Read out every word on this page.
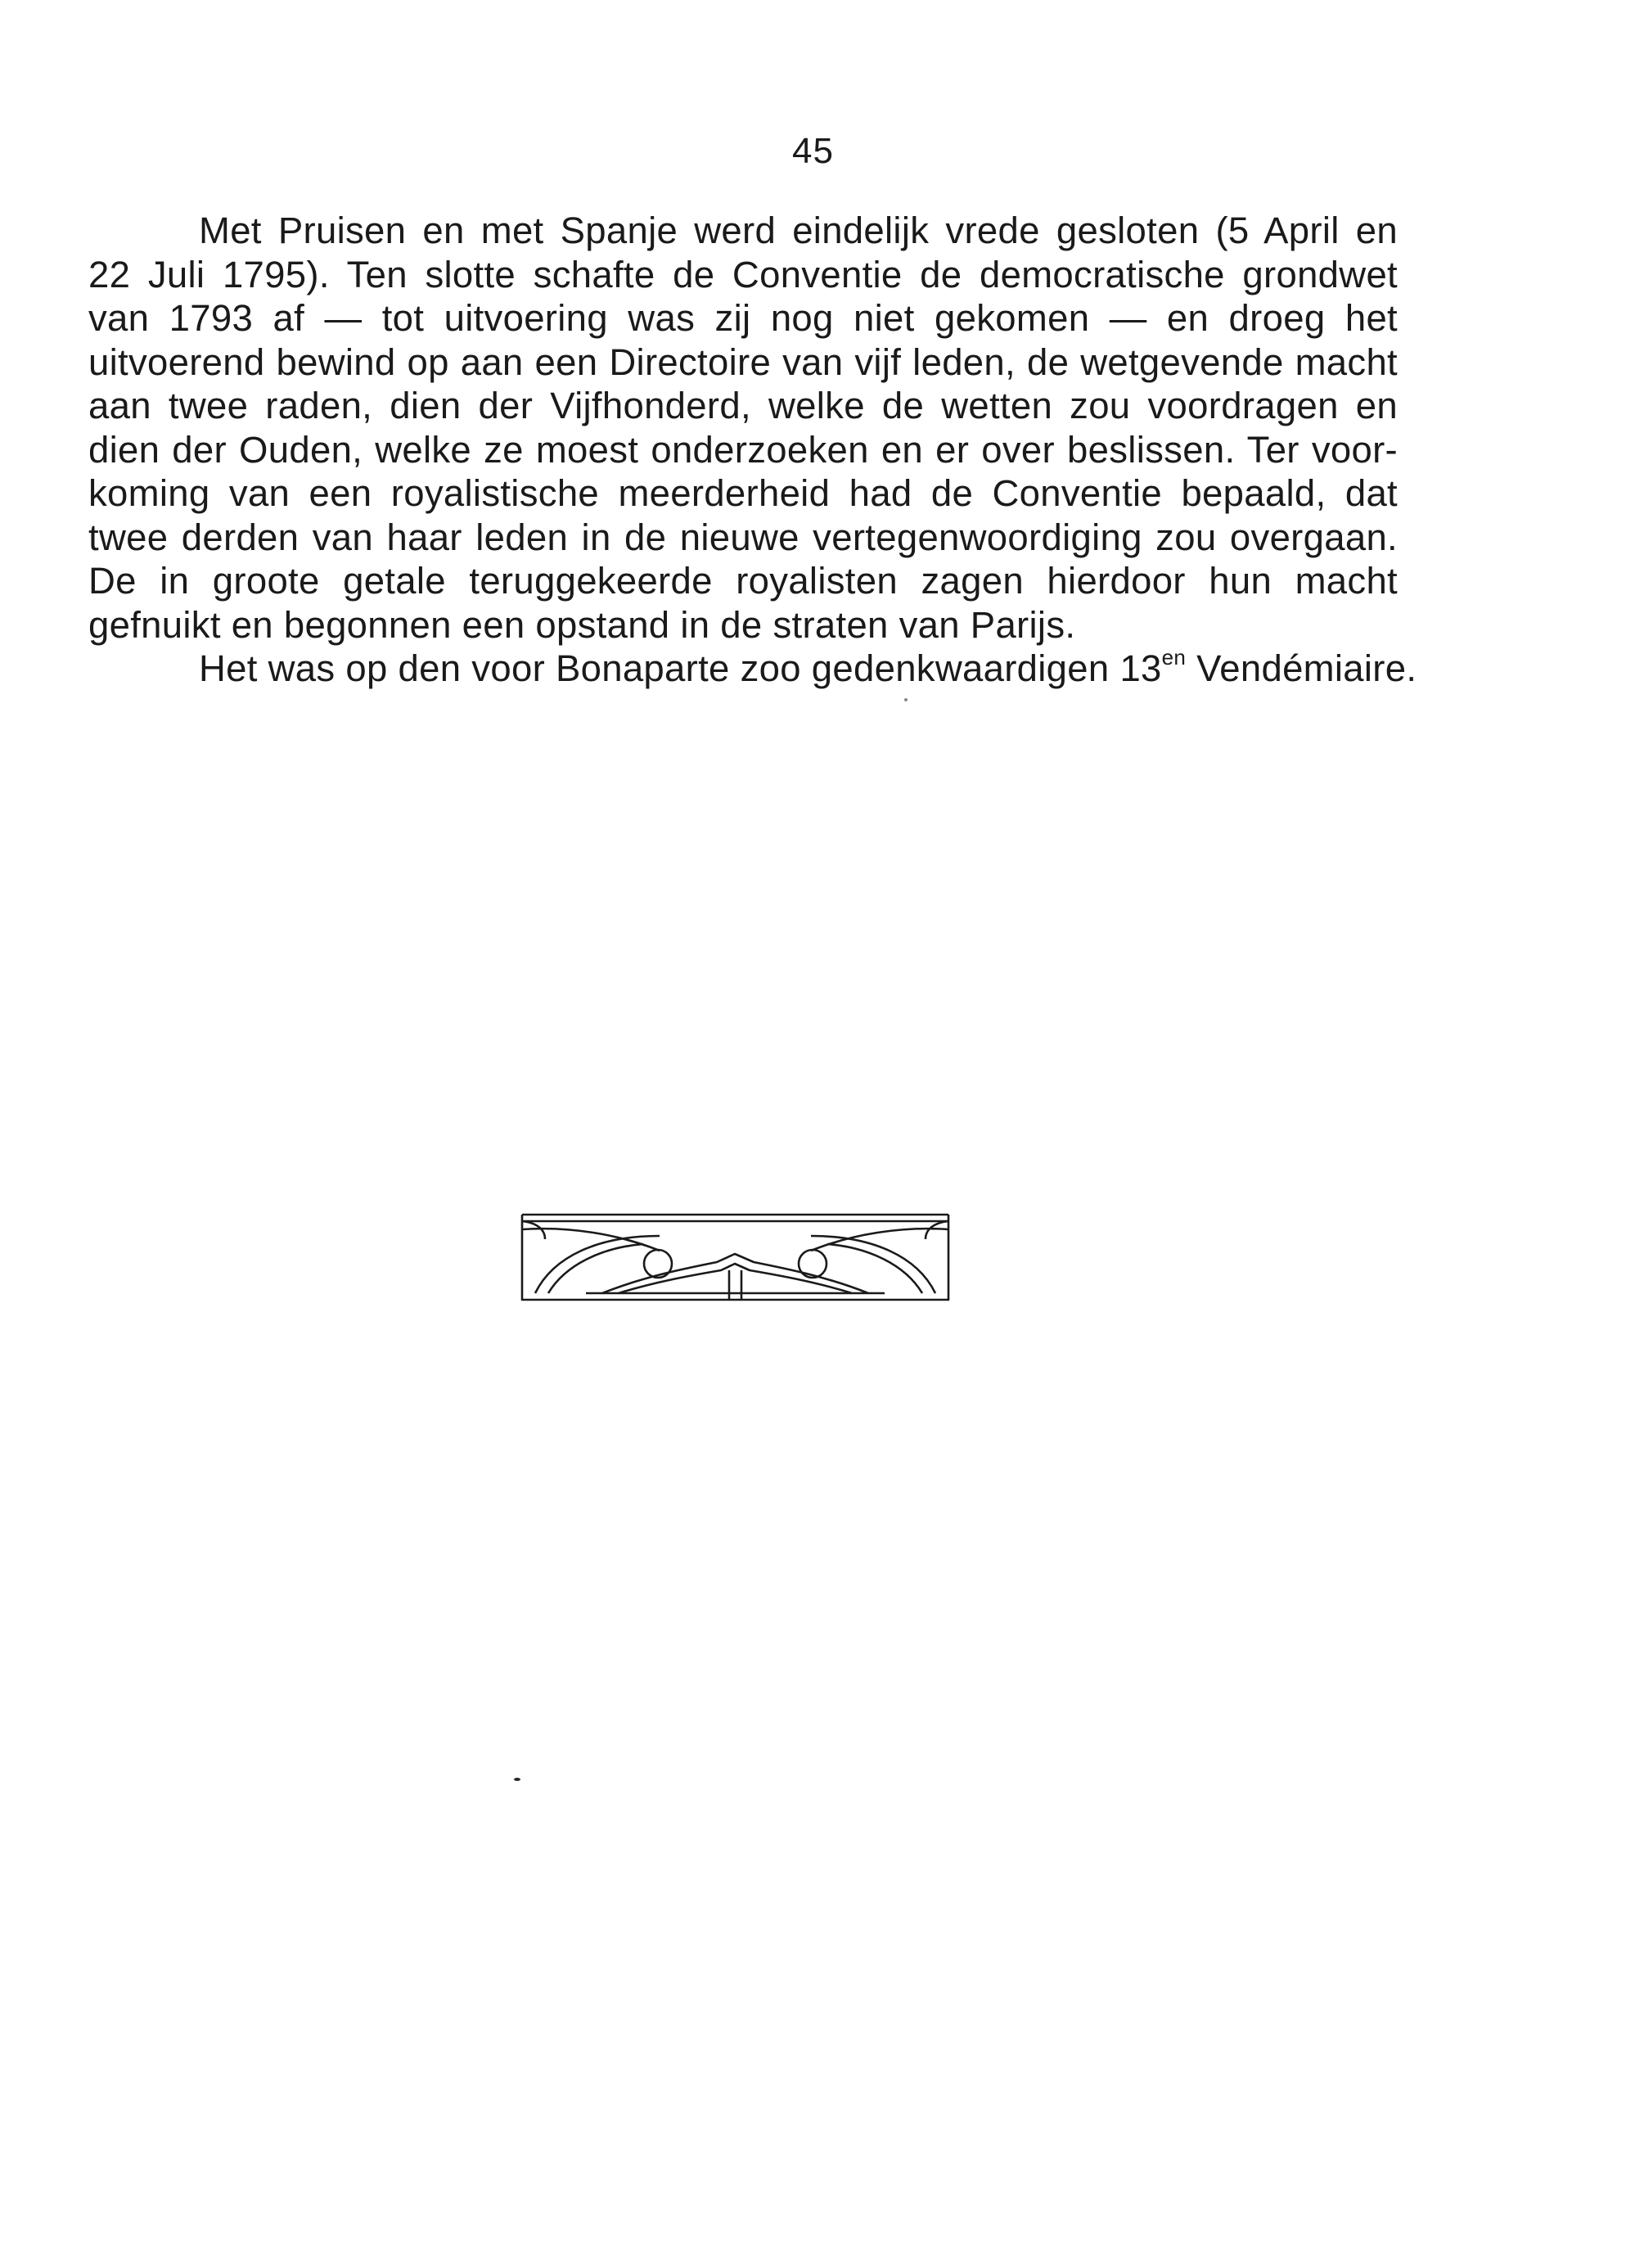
45
Met Pruisen en met Spanje werd eindelijk vrede gesloten (5 April en
22 Juli 1795). Ten slotte schafte de Conventie de democratische grondwet
van 1793 af — tot uitvoering was zij nog niet gekomen — en droeg het
uitvoerend bewind op aan een Directoire van vijf leden, de wetgevende macht
aan twee raden, dien der Vijfhonderd, welke de wetten zou voordragen en
dien der Ouden, welke ze moest onderzoeken en er over beslissen. Ter voor-
koming van een royalistische meerderheid had de Conventie bepaald, dat
twee derden van haar leden in de nieuwe vertegenwoordiging zou overgaan.
De in groote getale teruggekeerde royalisten zagen hierdoor hun macht
gefnuikt en begonnen een opstand in de straten van Parijs.
Het was op den voor Bonaparte zoo gedenkwaardigen $13^{en}$ Vendémiaire.
